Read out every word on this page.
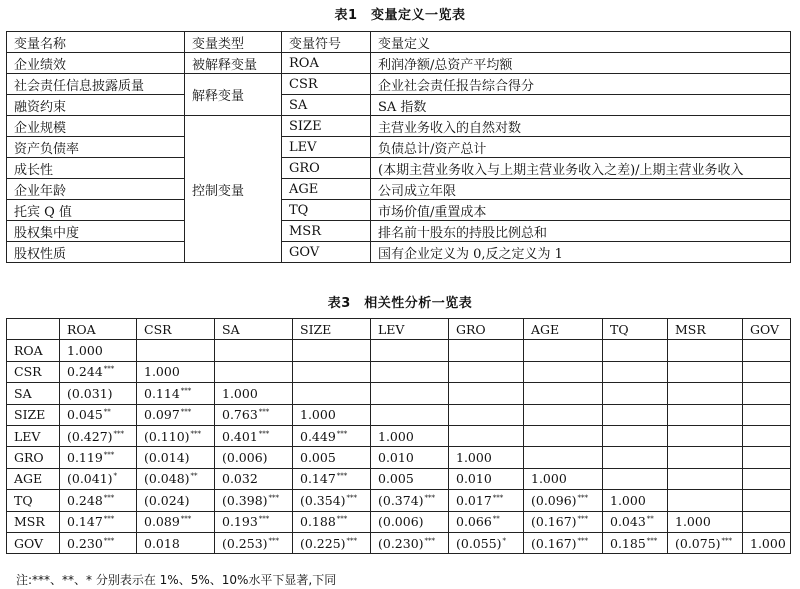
表1　变量定义一览表
变量名称	变量类型	变量符号	变量定义
企业绩效	被解释变量	ROA	利润净额/总资产平均额
社会责任信息披露质量	解释变量	CSR	企业社会责任报告综合得分
融资约束		SA	SA 指数
企业规模	控制变量	SIZE	主营业务收入的自然对数
资产负债率		LEV	负债总计/资产总计
成长性		GRO	(本期主营业务收入与上期主营业务收入之差)/上期主营业务收入
企业年龄		AGE	公司成立年限
托宾 Q 值		TQ	市场价值/重置成本
股权集中度		MSR	排名前十股东的持股比例总和
股权性质		GOV	国有企业定义为 0,反之定义为 1
表3　相关性分析一览表
	ROA	CSR	SA	SIZE	LEV	GRO	AGE	TQ	MSR	GOV
ROA	1.000									
CSR	0.244***	1.000								
SA	(0.031)	0.114***	1.000							
SIZE	0.045**	0.097***	0.763***	1.000						
LEV	(0.427)***	(0.110)***	0.401***	0.449***	1.000					
GRO	0.119***	(0.014)	(0.006)	0.005	0.010	1.000				
AGE	(0.041)*	(0.048)**	0.032	0.147***	0.005	0.010	1.000			
TQ	0.248***	(0.024)	(0.398)***	(0.354)***	(0.374)***	0.017***	(0.096)***	1.000		
MSR	0.147***	0.089***	0.193***	0.188***	(0.006)	0.066**	(0.167)***	0.043**	1.000	
GOV	0.230***	0.018	(0.253)***	(0.225)***	(0.230)***	(0.055)*	(0.167)***	0.185***	(0.075)***	1.000
注:***、**、* 分别表示在 1%、5%、10%水平下显著,下同
